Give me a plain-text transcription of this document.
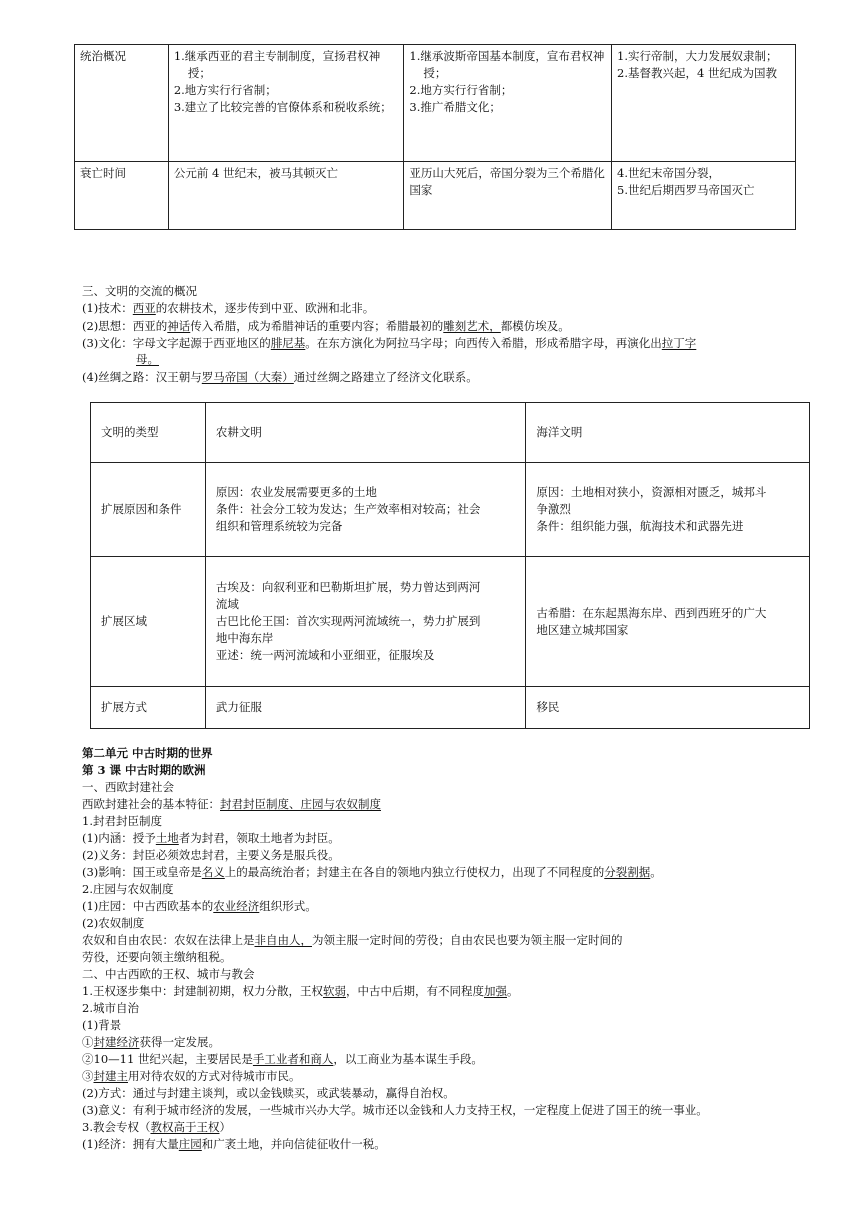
统治概况	1.继承西亚的君主专制制度，宣扬君权神授；
2.地方实行行省制；
3.建立了比较完善的官僚体系和税收系统；	1.继承波斯帝国基本制度，宣布君权神授；
2.地方实行行省制；
3.推广希腊文化；	1.实行帝制，大力发展奴隶制；
2.基督教兴起，4 世纪成为国教

衰亡时间	公元前 4 世纪末，被马其顿灭亡	亚历山大死后，帝国分裂为三个希腊化国家	4.世纪末帝国分裂，
5.世纪后期西罗马帝国灭亡
三、文明的交流的概况
(1)技术：西亚的农耕技术，逐步传到中亚、欧洲和北非。
(2)思想：西亚的神话传入希腊，成为希腊神话的重要内容；希腊最初的雕刻艺术，都模仿埃及。
(3)文化：字母文字起源于西亚地区的腓尼基。在东方演化为阿拉马字母；向西传入希腊，形成希腊字母，再演化出拉丁字
母。
(4)丝绸之路：汉王朝与罗马帝国（大秦）通过丝绸之路建立了经济文化联系。
文明的类型	农耕文明	海洋文明
扩展原因和条件	原因：农业发展需要更多的土地
条件：社会分工较为发达；生产效率相对较高；社会
组织和管理系统较为完备	原因：土地相对狭小，资源相对匮乏，城邦斗
争激烈
条件：组织能力强，航海技术和武器先进

扩展区域	古埃及：向叙利亚和巴勒斯坦扩展，势力曾达到两河
流域
古巴比伦王国：首次实现两河流域统一，势力扩展到
地中海东岸
亚述：统一两河流域和小亚细亚，征服埃及	古希腊：在东起黑海东岸、西到西班牙的广大
地区建立城邦国家

扩展方式	武力征服	移民
第二单元 中古时期的世界
第 3 课 中古时期的欧洲
一、西欧封建社会
西欧封建社会的基本特征：封君封臣制度、庄园与农奴制度
1.封君封臣制度
(1)内涵：授予土地者为封君，领取土地者为封臣。
(2)义务：封臣必须效忠封君，主要义务是服兵役。
(3)影响：国王或皇帝是名义上的最高统治者；封建主在各自的领地内独立行使权力，出现了不同程度的分裂割据。
2.庄园与农奴制度
(1)庄园：中古西欧基本的农业经济组织形式。
(2)农奴制度
农奴和自由农民：农奴在法律上是非自由人，为领主服一定时间的劳役；自由农民也要为领主服一定时间的
劳役，还要向领主缴纳租税。
二、中古西欧的王权、城市与教会
1.王权逐步集中：封建制初期，权力分散，王权软弱，中古中后期，有不同程度加强。
2.城市自治
(1)背景
①封建经济获得一定发展。
②10—11 世纪兴起，主要居民是手工业者和商人，以工商业为基本谋生手段。
③封建主用对待农奴的方式对待城市市民。
(2)方式：通过与封建主谈判，或以金钱赎买，或武装暴动，赢得自治权。
(3)意义：有利于城市经济的发展，一些城市兴办大学。城市还以金钱和人力支持王权，一定程度上促进了国王的统一事业。
3.教会专权（教权高于王权）
(1)经济：拥有大量庄园和广袤土地，并向信徒征收什一税。
